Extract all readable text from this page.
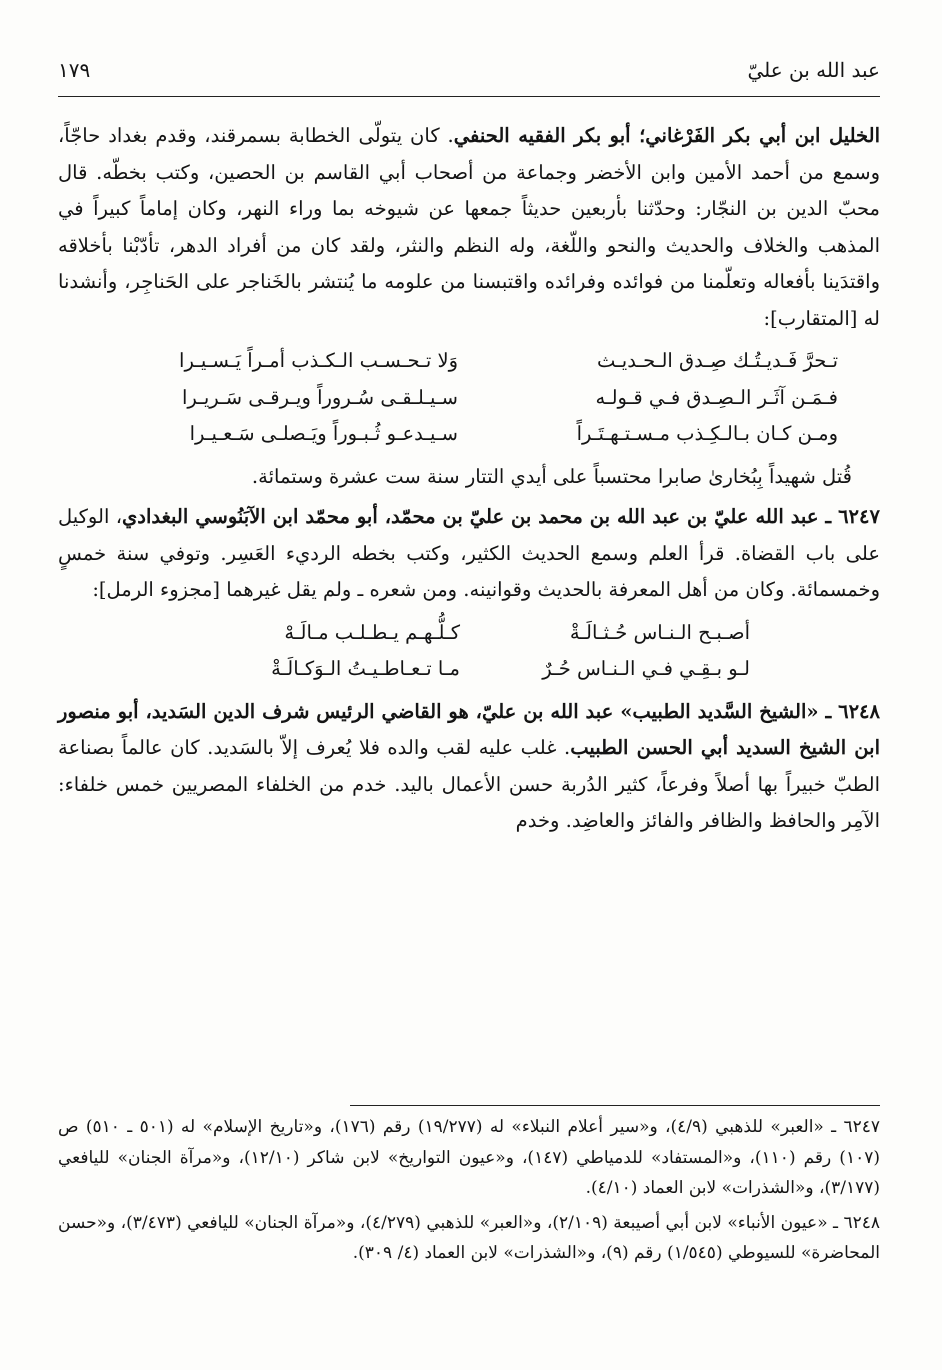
عبد الله بن عليّ
١٧٩

الخليل ابن أبي بكر الفَرْغاني؛ أبو بكر الفقيه الحنفي. كان يتولّى الخطابة بسمرقند، وقدم بغداد حاجّاً، وسمع من أحمد الأمين وابن الأخضر وجماعة من أصحاب أبي القاسم بن الحصين، وكتب بخطّه. قال محبّ الدين بن النجّار: وحدّثنا بأربعين حديثاً جمعها عن شيوخه بما وراء النهر، وكان إماماً كبيراً في المذهب والخلاف والحديث والنحو واللّغة، وله النظم والنثر، ولقد كان من أفراد الدهر، تأدّبْنا بأخلاقه واقتدَينا بأفعاله وتعلّمنا من فوائده وفرائده واقتبسنا من علومه ما يُنتشر بالخَناجر على الحَناجِر، وأنشدنا له [المتقارب]:

تـحرَّ فَـديـتُـك صِـدق الـحـديـث
وَلا تـحـسـب الـكـذب أمـراً يَـسـيـرا
فـمَـن آثَـر الـصِـدق فـي قـولـه
سـيـلـقـى سُـروراً ويـرقـى سَـريـرا
ومـن كـان بـالـكِـذب مـسـتـهـتَـراً
سـيـدعـو ثُـبـوراً ويَـصلـى سَـعـيـرا

قُتل شهيداً بِبُخارىٰ صابرا محتسباً على أيدي التتار سنة ست عشرة وستمائة.

٦٢٤٧ ـ عبد الله عليّ بن عبد الله بن محمد بن عليّ بن محمّد، أبو محمّد ابن الآبَنُوسي البغدادي، الوكيل على باب القضاة. قرأ العلم وسمع الحديث الكثير، وكتب بخطه الرديء العَسِر. وتوفي سنة خمسٍ وخمسمائة. وكان من أهل المعرفة بالحديث وقوانينه. ومن شعره ـ ولم يقل غيرهما [مجزوء الرمل]:

أصـبـح الـنـاس حُـثـالَـةْ
كـلُّـهـم يـطـلـب مـالَـهْ
لـو بـقِـي فـي الـنـاس حُـرٌ
مـا تـعـاطـيـتُ الـوَكـالَـةْ

٦٢٤٨ ـ «الشيخ السَّديد الطبيب» عبد الله بن عليّ، هو القاضي الرئيس شرف الدين السَديد، أبو منصور ابن الشيخ السديد أبي الحسن الطبيب. غلب عليه لقب والده فلا يُعرف إلاّ بالسَديد. كان عالماً بصناعة الطبّ خبيراً بها أصلاً وفرعاً، كثير الدُربة حسن الأعمال باليد. خدم من الخلفاء المصريين خمس خلفاء: الآمِر والحافظ والظافر والفائز والعاضِد. وخدم

٦٢٤٧ ـ «العبر» للذهبي (٤/٩)، و«سير أعلام النبلاء» له (١٩/٢٧٧) رقم (١٧٦)، و«تاريخ الإسلام» له (٥٠١ ـ ٥١٠) ص (١٠٧) رقم (١١٠)، و«المستفاد» للدمياطي (١٤٧)، و«عيون التواريخ» لابن شاكر (١٢/١٠)، و«مرآة الجنان» لليافعي (٣/١٧٧)، و«الشذرات» لابن العماد (٤/١٠).

٦٢٤٨ ـ «عيون الأنباء» لابن أبي أصيبعة (٢/١٠٩)، و«العبر» للذهبي (٤/٢٧٩)، و«مرآة الجنان» لليافعي (٣/٤٧٣)، و«حسن المحاضرة» للسيوطي (١/٥٤٥) رقم (٩)، و«الشذرات» لابن العماد (٤/ ٣٠٩).
